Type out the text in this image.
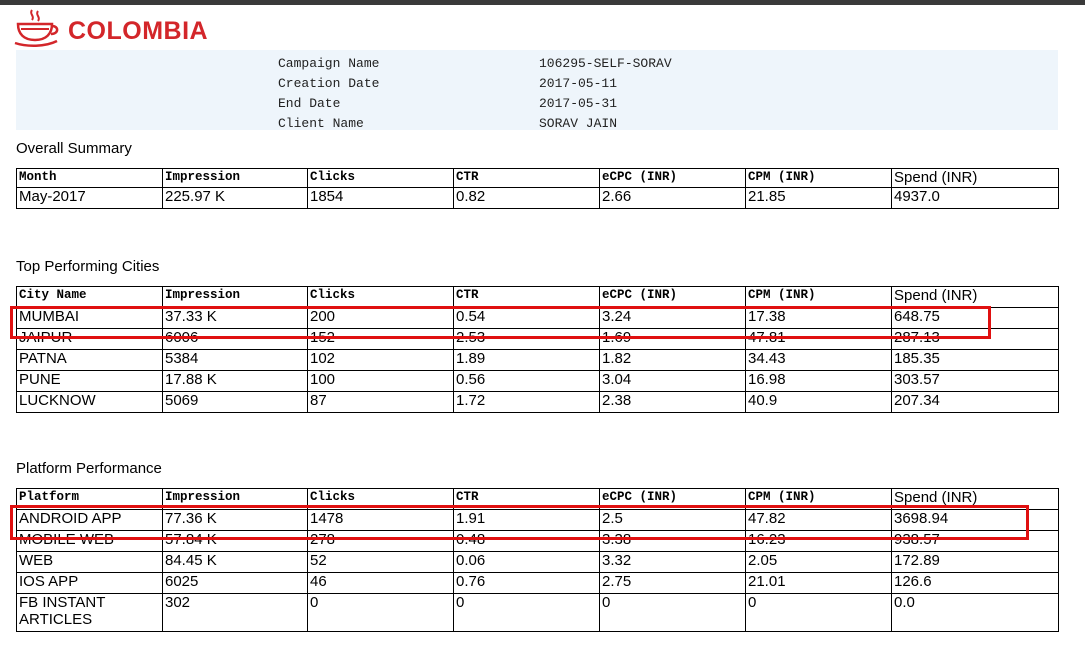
COLOMBIA
Campaign Name	106295-SELF-SORAV
Creation Date	2017-05-11
End Date	2017-05-31
Client Name	SORAV JAIN
Overall Summary
Month	Impression	Clicks	CTR	eCPC (INR)	CPM (INR)	Spend (INR)
May-2017	225.97 K	1854	0.82	2.66	21.85	4937.0
Top Performing Cities
City Name	Impression	Clicks	CTR	eCPC (INR)	CPM (INR)	Spend (INR)
MUMBAI	37.33 K	200	0.54	3.24	17.38	648.75
JAIPUR	6006	152	2.53	1.69	47.81	287.13
PATNA	5384	102	1.89	1.82	34.43	185.35
PUNE	17.88 K	100	0.56	3.04	16.98	303.57
LUCKNOW	5069	87	1.72	2.38	40.9	207.34
Platform Performance
Platform	Impression	Clicks	CTR	eCPC (INR)	CPM (INR)	Spend (INR)
ANDROID APP	77.36 K	1478	1.91	2.5	47.82	3698.94
MOBILE WEB	57.84 K	278	0.48	3.38	16.23	938.57
WEB	84.45 K	52	0.06	3.32	2.05	172.89
IOS APP	6025	46	0.76	2.75	21.01	126.6
FB INSTANT ARTICLES	302	0	0	0	0	0.0
